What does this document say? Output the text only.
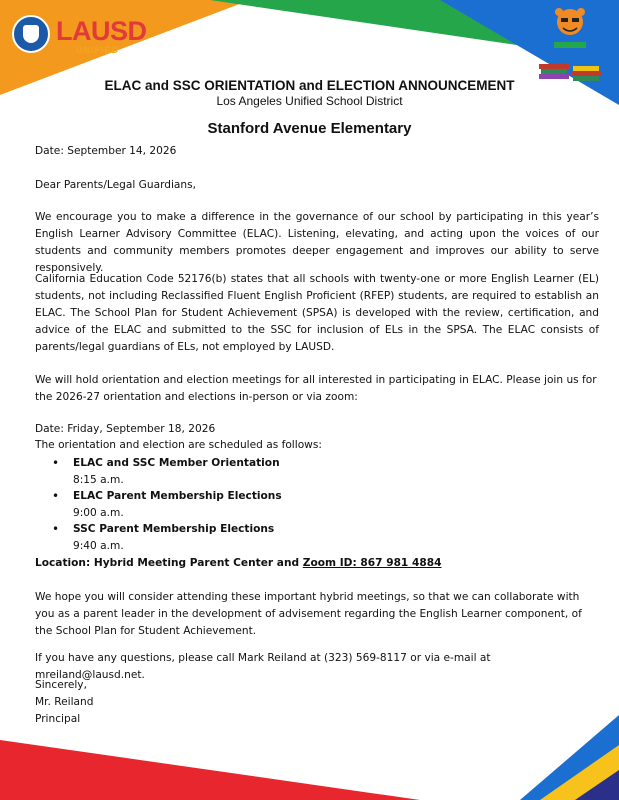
LAUSD
UNIFIED
ELAC and SSC ORIENTATION and ELECTION ANNOUNCEMENT
Los Angeles Unified School District
Stanford Avenue Elementary
Date: September 14, 2026
Dear Parents/Legal Guardians,
We encourage you to make a difference in the governance of our school by participating in this year’s English Learner Advisory Committee (ELAC). Listening, elevating, and acting upon the voices of our students and community members promotes deeper engagement and improves our ability to serve responsively.
California Education Code 52176(b) states that all schools with twenty-one or more English Learner (EL) students, not including Reclassified Fluent English Proficient (RFEP) students, are required to establish an ELAC. The School Plan for Student Achievement (SPSA) is developed with the review, certification, and advice of the ELAC and submitted to the SSC for inclusion of ELs in the SPSA. The ELAC consists of parents/legal guardians of ELs, not employed by LAUSD.
We will hold orientation and election meetings for all interested in participating in ELAC. Please join us for the 2026-27 orientation and elections in-person or via zoom:
Date: Friday, September 18, 2026
The orientation and election are scheduled as follows:
• ELAC and SSC Member Orientation
8:15 a.m.
• ELAC Parent Membership Elections
9:00 a.m.
• SSC Parent Membership Elections
9:40 a.m.
Location: Hybrid Meeting Parent Center and Zoom ID: 867 981 4884
We hope you will consider attending these important hybrid meetings, so that we can collaborate with you as a parent leader in the development of advisement regarding the English Learner component, of the School Plan for Student Achievement.
If you have any questions, please call Mark Reiland at (323) 569-8117 or via e-mail at mreiland@lausd.net.
Sincerely,
Mr. Reiland
Principal
